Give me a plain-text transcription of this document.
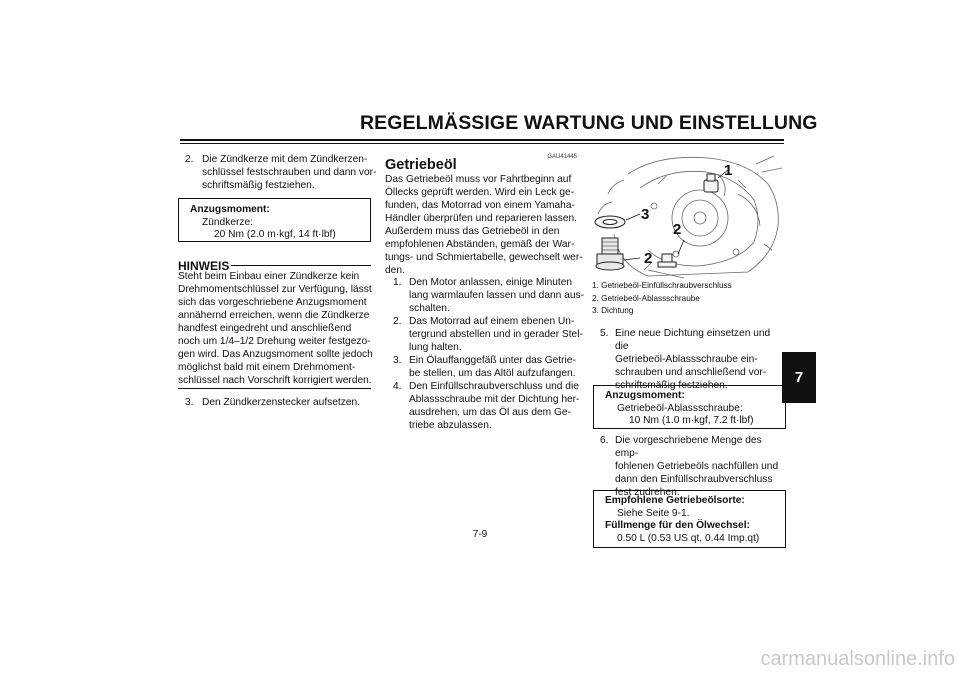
REGELMÄSSIGE WARTUNG UND EINSTELLUNG
2. Die Zündkerze mit dem Zündkerzen-
schlüssel festschrauben und dann vor-
schriftsmäßig festziehen.
Anzugsmoment:
Zündkerze:
20 Nm (2.0 m·kgf, 14 ft·lbf)
HINWEIS
Steht beim Einbau einer Zündkerze kein
Drehmomentschlüssel zur Verfügung, lässt
sich das vorgeschriebene Anzugsmoment
annähernd erreichen, wenn die Zündkerze
handfest eingedreht und anschließend
noch um 1/4–1/2 Drehung weiter festgezo-
gen wird. Das Anzugsmoment sollte jedoch
möglichst bald mit einem Drehmoment-
schlüssel nach Vorschrift korrigiert werden.
3. Den Zündkerzenstecker aufsetzen.
GAU41445
Getriebeöl
Das Getriebeöl muss vor Fahrtbeginn auf
Öllecks geprüft werden. Wird ein Leck ge-
funden, das Motorrad von einem Yamaha-
Händler überprüfen und reparieren lassen.
Außerdem muss das Getriebeöl in den
empfohlenen Abständen, gemäß der War-
tungs- und Schmiertabelle, gewechselt wer-
den.
1. Den Motor anlassen, einige Minuten
lang warmlaufen lassen und dann aus-
schalten.
2. Das Motorrad auf einem ebenen Un-
tergrund abstellen und in gerader Stel-
lung halten.
3. Ein Ölauffanggefäß unter das Getrie-
be stellen, um das Altöl aufzufangen.
4. Den Einfüllschraubverschluss und die
Ablassschraube mit der Dichtung her-
ausdrehen, um das Öl aus dem Ge-
triebe abzulassen.
1
2
3
2
1. Getriebeöl-Einfüllschraubverschluss
2. Getriebeöl-Ablassschraube
3. Dichtung
5. Eine neue Dichtung einsetzen und die
Getriebeöl-Ablassschraube ein-
schrauben und anschließend vor-
schriftsmäßig festziehen.
Anzugsmoment:
Getriebeöl-Ablassschraube:
10 Nm (1.0 m·kgf, 7.2 ft·lbf)
6. Die vorgeschriebene Menge des emp-
fohlenen Getriebeöls nachfüllen und
dann den Einfüllschraubverschluss
fest zudrehen.
Empfohlene Getriebeölsorte:
Siehe Seite 9-1.
Füllmenge für den Ölwechsel:
0.50 L (0.53 US qt, 0.44 Imp.qt)
7
7-9
carmanualsonline.info
